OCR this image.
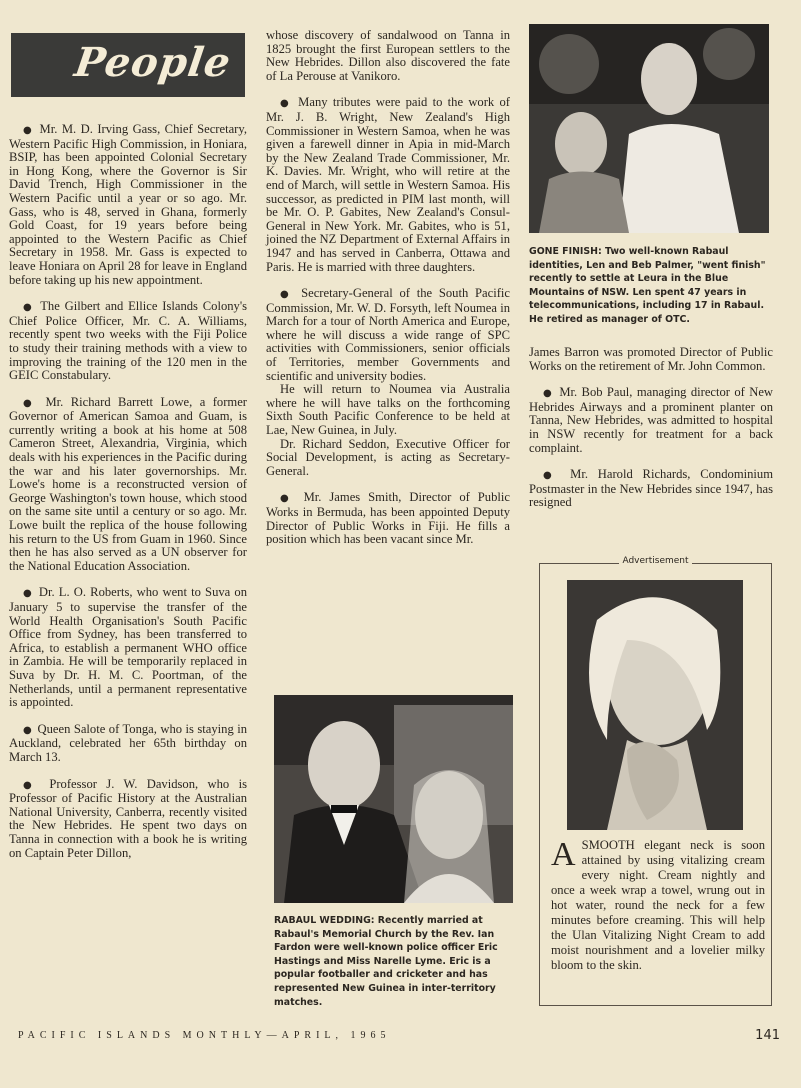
People

● Mr. M. D. Irving Gass, Chief Secretary, Western Pacific High Commission, in Honiara, BSIP, has been appointed Colonial Secretary in Hong Kong, where the Governor is Sir David Trench, High Commissioner in the Western Pacific until a year or so ago. Mr. Gass, who is 48, served in Ghana, formerly Gold Coast, for 19 years before being appointed to the Western Pacific as Chief Secretary in 1958. Mr. Gass is expected to leave Honiara on April 28 for leave in England before taking up his new appointment.

● The Gilbert and Ellice Islands Colony's Chief Police Officer, Mr. C. A. Williams, recently spent two weeks with the Fiji Police to study their training methods with a view to improving the training of the 120 men in the GEIC Constabulary.

● Mr. Richard Barrett Lowe, a former Governor of American Samoa and Guam, is currently writing a book at his home at 508 Cameron Street, Alexandria, Virginia, which deals with his experiences in the Pacific during the war and his later governorships. Mr. Lowe's home is a reconstructed version of George Washington's town house, which stood on the same site until a century or so ago. Mr. Lowe built the replica of the house following his return to the US from Guam in 1960. Since then he has also served as a UN observer for the National Education Association.

● Dr. L. O. Roberts, who went to Suva on January 5 to supervise the transfer of the World Health Organisation's South Pacific Office from Sydney, has been transferred to Africa, to establish a permanent WHO office in Zambia. He will be temporarily replaced in Suva by Dr. H. M. C. Poortman, of the Netherlands, until a permanent representative is appointed.

● Queen Salote of Tonga, who is staying in Auckland, celebrated her 65th birthday on March 13.

● Professor J. W. Davidson, who is Professor of Pacific History at the Australian National University, Canberra, recently visited the New Hebrides. He spent two days on Tanna in connection with a book he is writing on Captain Peter Dillon,

whose discovery of sandalwood on Tanna in 1825 brought the first European settlers to the New Hebrides. Dillon also discovered the fate of La Perouse at Vanikoro.

● Many tributes were paid to the work of Mr. J. B. Wright, New Zealand's High Commissioner in Western Samoa, when he was given a farewell dinner in Apia in mid-March by the New Zealand Trade Commissioner, Mr. K. Davies. Mr. Wright, who will retire at the end of March, will settle in Western Samoa. His successor, as predicted in PIM last month, will be Mr. O. P. Gabites, New Zealand's Consul-General in New York. Mr. Gabites, who is 51, joined the NZ Department of External Affairs in 1947 and has served in Canberra, Ottawa and Paris. He is married with three daughters.

● Secretary-General of the South Pacific Commission, Mr. W. D. Forsyth, left Noumea in March for a tour of North America and Europe, where he will discuss a wide range of SPC activities with Commissioners, senior officials of Territories, member Governments and scientific and university bodies.

He will return to Noumea via Australia where he will have talks on the forthcoming Sixth South Pacific Conference to be held at Lae, New Guinea, in July.

Dr. Richard Seddon, Executive Officer for Social Development, is acting as Secretary-General.

● Mr. James Smith, Director of Public Works in Bermuda, has been appointed Deputy Director of Public Works in Fiji. He fills a position which has been vacant since Mr.

RABAUL WEDDING: Recently married at Rabaul's Memorial Church by the Rev. Ian Fardon were well-known police officer Eric Hastings and Miss Narelle Lyme. Eric is a popular footballer and cricketer and has represented New Guinea in inter-territory matches.
GONE FINISH: Two well-known Rabaul identities, Len and Beb Palmer, "went finish" recently to settle at Leura in the Blue Mountains of NSW. Len spent 47 years in telecommunications, including 17 in Rabaul. He retired as manager of OTC.

James Barron was promoted Director of Public Works on the retirement of Mr. John Common.

● Mr. Bob Paul, managing director of New Hebrides Airways and a prominent planter on Tanna, New Hebrides, was admitted to hospital in NSW recently for treatment for a back complaint.

● Mr. Harold Richards, Condominium Postmaster in the New Hebrides since 1947, has resigned

Advertisement
ASMOOTH elegant neck is soon attained by using vitalizing cream every night. Cream nightly and once a week wrap a towel, wrung out in hot water, round the neck for a few minutes before creaming. This will help the Ulan Vitalizing Night Cream to add moist nourishment and a lovelier milky bloom to the skin.
PACIFIC ISLANDS MONTHLY—APRIL, 1965	141
